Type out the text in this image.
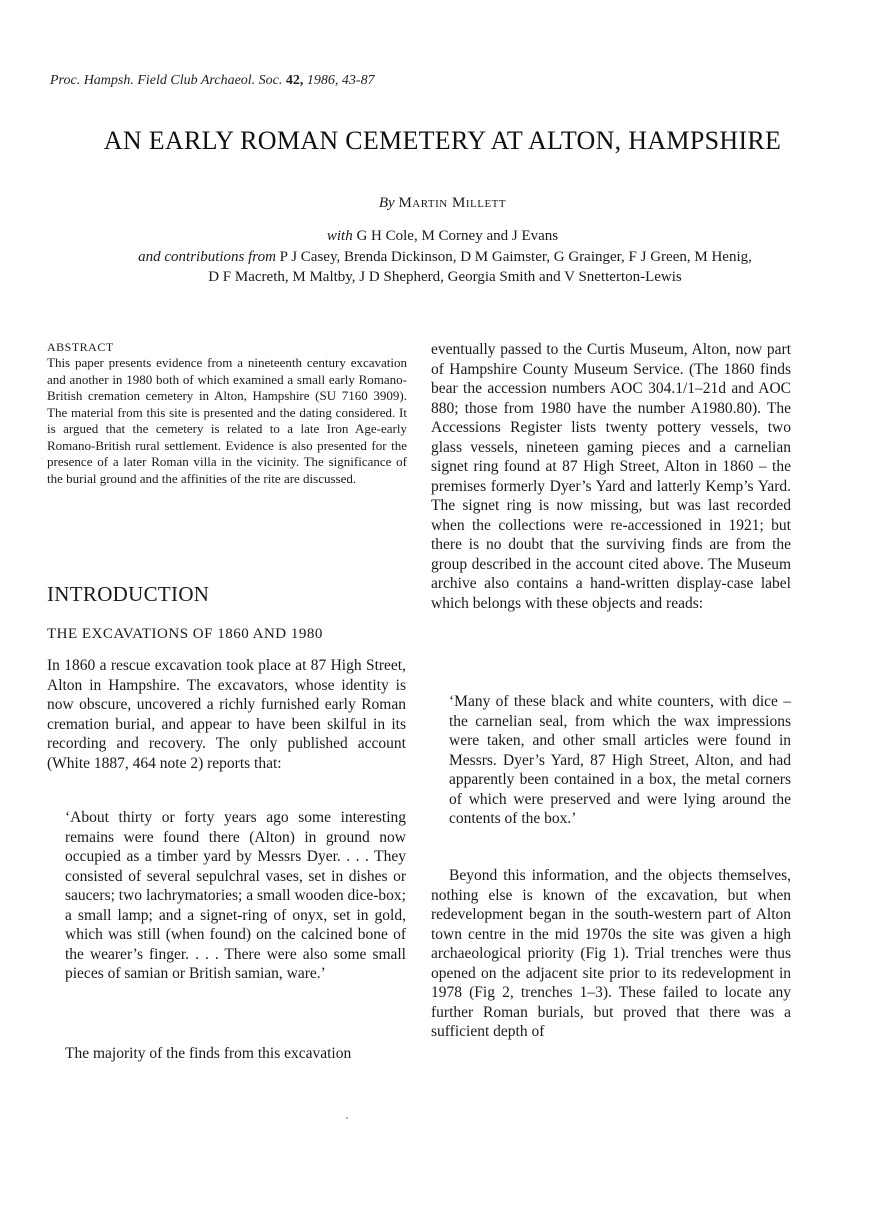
Proc. Hampsh. Field Club Archaeol. Soc. 42, 1986, 43-87
AN EARLY ROMAN CEMETERY AT ALTON, HAMPSHIRE
By Martin Millett
with G H Cole, M Corney and J Evans
and contributions from P J Casey, Brenda Dickinson, D M Gaimster, G Grainger, F J Green, M Henig,
D F Macreth, M Maltby, J D Shepherd, Georgia Smith and V Snetterton-Lewis

ABSTRACT

This paper presents evidence from a nineteenth century excavation and another in 1980 both of which examined a small early Romano-British cremation cemetery in Alton, Hampshire (SU 7160 3909). The material from this site is presented and the dating considered. It is argued that the cemetery is related to a late Iron Age-early Romano-British rural settlement. Evidence is also presented for the presence of a later Roman villa in the vicinity. The significance of the burial ground and the affinities of the rite are discussed.

INTRODUCTION
THE EXCAVATIONS OF 1860 AND 1980

In 1860 a rescue excavation took place at 87 High Street, Alton in Hampshire. The excavators, whose identity is now obscure, uncovered a richly furnished early Roman cremation burial, and appear to have been skilful in its recording and recovery. The only published account (White 1887, 464 note 2) reports that:

‘About thirty or forty years ago some interesting remains were found there (Alton) in ground now occupied as a timber yard by Messrs Dyer. . . . They consisted of several sepulchral vases, set in dishes or saucers; two lachrymatories; a small wooden dice-box; a small lamp; and a signet-ring of onyx, set in gold, which was still (when found) on the calcined bone of the wearer’s finger. . . . There were also some small pieces of samian or British samian, ware.’

The majority of the finds from this excavation

eventually passed to the Curtis Museum, Alton, now part of Hampshire County Museum Service. (The 1860 finds bear the accession numbers AOC 304.1/1–21d and AOC 880; those from 1980 have the number A1980.80). The Accessions Register lists twenty pottery vessels, two glass vessels, nineteen gaming pieces and a carnelian signet ring found at 87 High Street, Alton in 1860 – the premises formerly Dyer’s Yard and latterly Kemp’s Yard. The signet ring is now missing, but was last recorded when the collections were re-accessioned in 1921; but there is no doubt that the surviving finds are from the group described in the account cited above. The Museum archive also contains a hand-written display-case label which belongs with these objects and reads:

‘Many of these black and white counters, with dice – the carnelian seal, from which the wax impressions were taken, and other small articles were found in Messrs. Dyer’s Yard, 87 High Street, Alton, and had apparently been contained in a box, the metal corners of which were preserved and were lying around the contents of the box.’

Beyond this information, and the objects themselves, nothing else is known of the excavation, but when redevelopment began in the south-western part of Alton town centre in the mid 1970s the site was given a high archaeological priority (Fig 1). Trial trenches were thus opened on the adjacent site prior to its redevelopment in 1978 (Fig 2, trenches 1–3). These failed to locate any further Roman burials, but proved that there was a sufficient depth of
